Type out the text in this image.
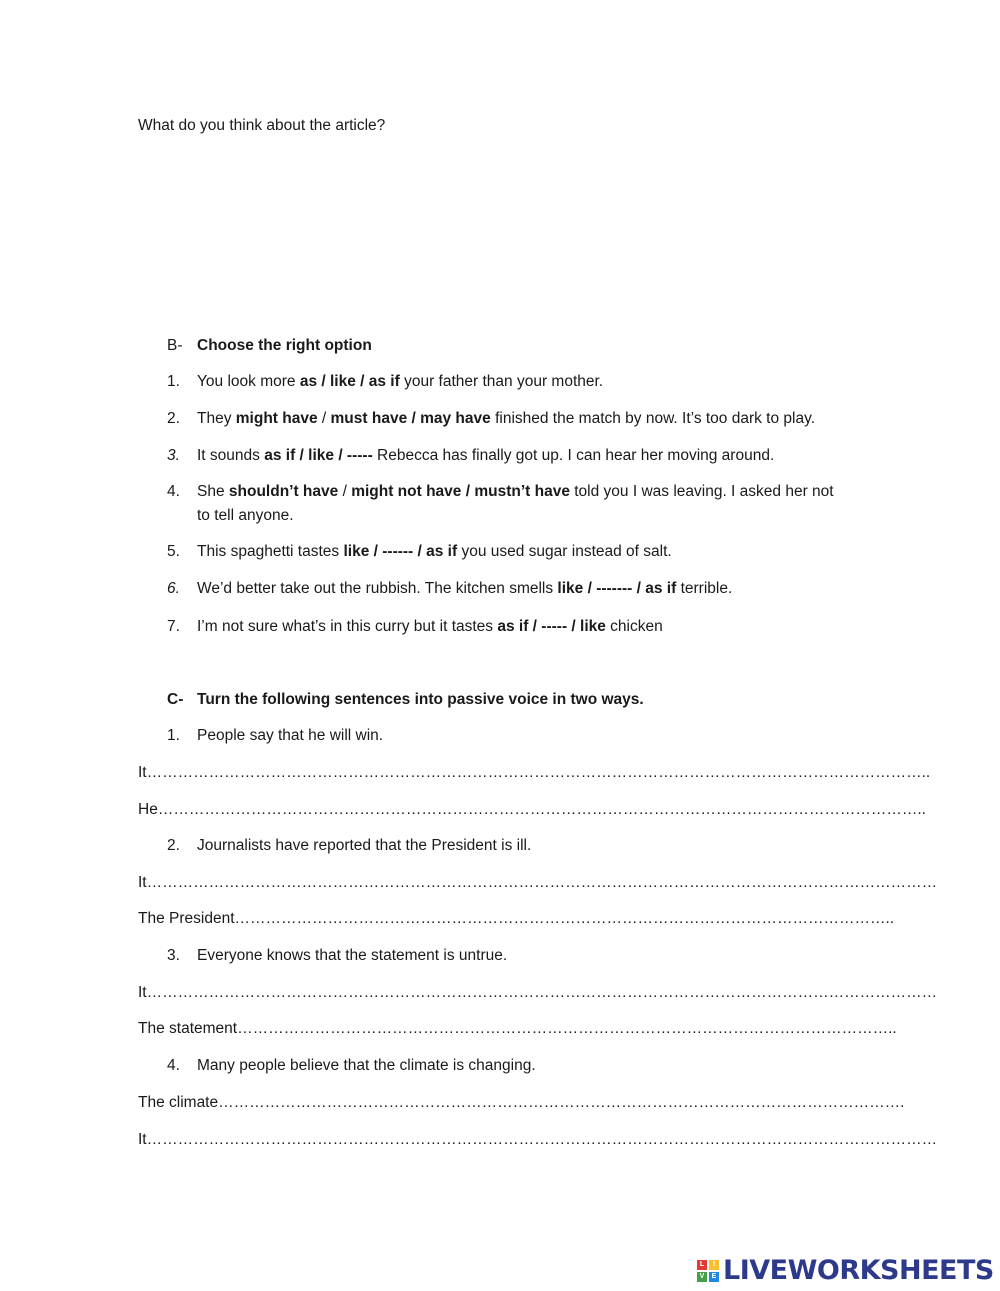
What do you think about the article?
B- Choose the right option
1.	You look more as / like / as if your father than your mother.
2.	They might have / must have / may have finished the match by now. It’s too dark to play.
3.	It sounds as if / like / ----- Rebecca has finally got up. I can hear her moving around.
4.	She shouldn’t have / might not have / mustn’t have told you I was leaving. I asked her not
to tell anyone.
5.	This spaghetti tastes like / ------ / as if you used sugar instead of salt.
6.	We’d better take out the rubbish. The kitchen smells like / ------- / as if terrible.
7.	I’m not sure what’s in this curry but it tastes as if / ----- / like chicken
C- Turn the following sentences into passive voice in two ways.
1.	People say that he will win.
It……………………………………………………………………………………………………………………………………..
He…………………………………………………………………………………………………………………………………..
2.	Journalists have reported that the President is ill.
It………………………………………………………………………………………………………………………………………
The President………………………………………………………………………………………………………………..
3.	Everyone knows that the statement is untrue.
It………………………………………………………………………………………………………………………………………
The statement………………………………………………………………………………………………………………..
4.	Many people believe that the climate is changing.
The climate…………………………………………………………………………………………………………………….
It………………………………………………………………………………………………………………………………………
L	I
V	E LIVEWORKSHEETS
